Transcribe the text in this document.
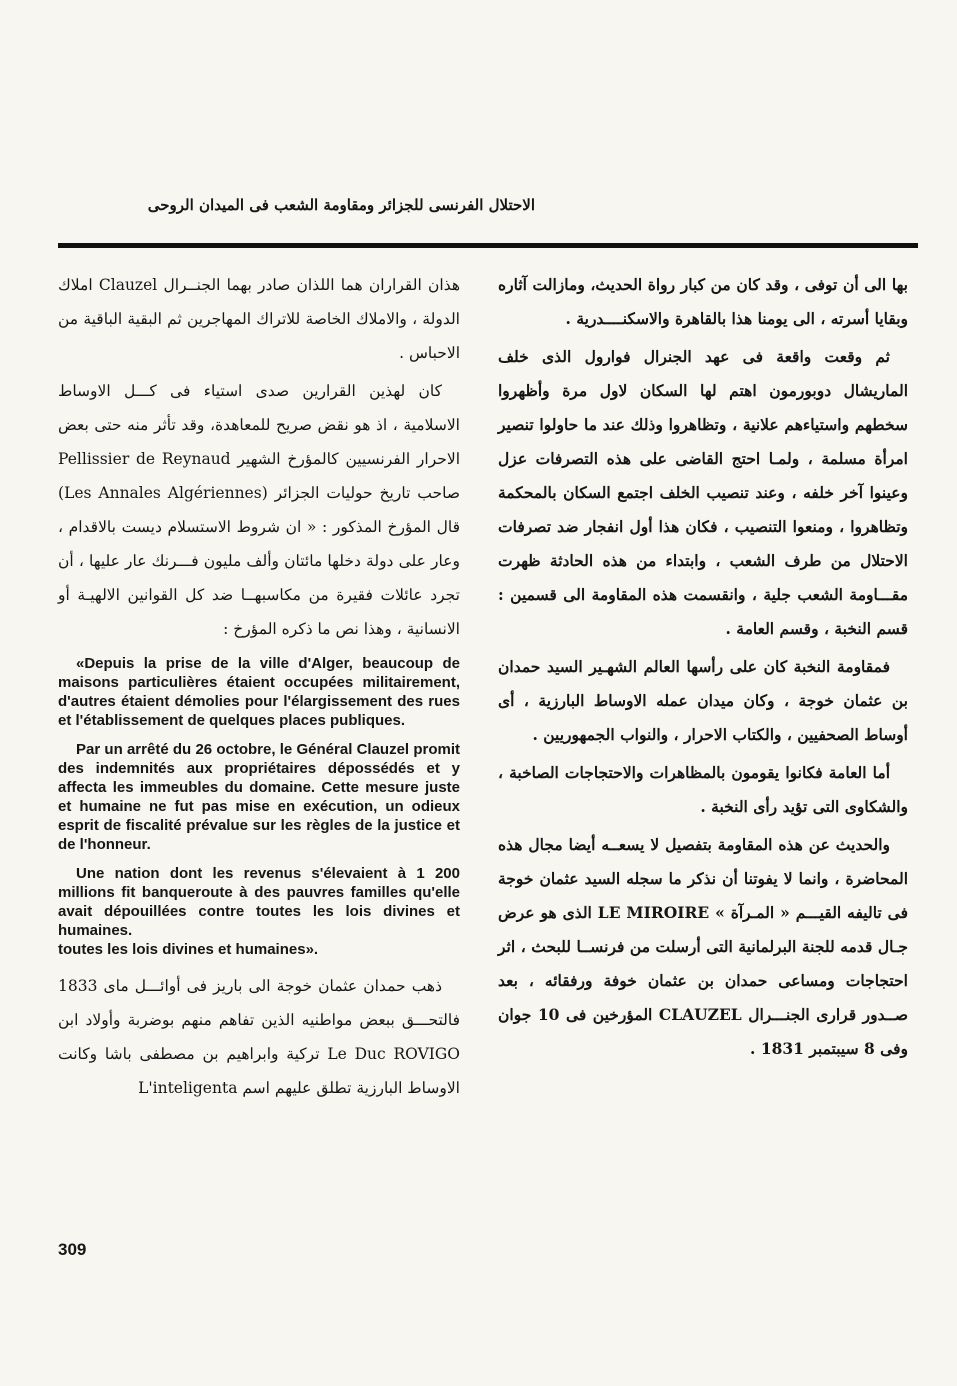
الاحتلال الفرنسى للجزائر ومقاومة الشعب فى الميدان الروحى

بها الى أن توفى ، وقد كان من كبار رواة الحديث، ومازالت آثاره وبقايا أسرته ، الى يومنا هذا بالقاهرة والاسكنــــدرية .

ثم وقعت واقعة فى عهد الجنرال فوارول الذى خلف الماريشال دوبورمون اهتم لها السكان لاول مرة وأظهروا سخطهم واستياءهم علانية ، وتظاهروا وذلك عند ما حاولوا تنصير امرأة مسلمة ، ولمـا احتج القاضى على هذه التصرفات عزل وعينوا آخر خلفه ، وعند تنصيب الخلف اجتمع السكان بالمحكمة وتظاهروا ، ومنعوا التنصيب ، فكان هذا أول انفجار ضد تصرفات الاحتلال من طرف الشعب ، وابتداء من هذه الحادثة ظهرت مقـــاومة الشعب جلية ، وانقسمت هذه المقاومة الى قسمين : قسم النخبة ، وقسم العامة .

فمقاومة النخبة كان على رأسها العالم الشهـير السيد حمدان بن عثمان خوجة ، وكان ميدان عمله الاوساط البارزية ، أى أوساط الصحفيين ، والكتاب الاحرار ، والنواب الجمهوريين .

أما العامة فكانوا يقومون بالمظاهرات والاحتجاجات الصاخبة ، والشكاوى التى تؤيد رأى النخبة .

والحديث عن هذه المقاومة بتفصيل لا يسعــه أيضا مجال هذه المحاضرة ، وانما لا يفوتنا أن نذكر ما سجله السيد عثمان خوجة فى تاليفه القيـــم « المـرآة » LE MIROIRE الذى هو عرض جـال قدمه للجنة البرلمانية التى أرسلت من فرنســا للبحث ، اثر احتجاجات ومساعى حمدان بن عثمان خوفة ورفقائه ، بعد صــدور قرارى الجنـــرال CLAUZEL المؤرخين فى 10 جوان وفى 8 سيبتمبر 1831 .

هذان القراران هما اللذان صادر بهما الجنــرال Clauzel املاك الدولة ، والاملاك الخاصة للاتراك المهاجرين ثم البقية الباقية من الاحباس .

كان لهذين القرارين صدى استياء فى كـــل الاوساط الاسلامية ، اذ هو نقض صريح للمعاهدة، وقد تأثر منه حتى بعض الاحرار الفرنسيين كالمؤرخ الشهير Pellissier de Reynaud صاحب تاريخ حوليات الجزائر (Les Annales Algériennes) قال المؤرخ المذكور : « ان شروط الاستسلام ديست بالاقدام ، وعار على دولة دخلها مائتان وألف مليون فـــرنك عار عليها ، أن تجرد عائلات فقيرة من مكاسبهــا ضد كل القوانين الالهيـة أو الانسانية ، وهذا نص ما ذكره المؤرخ :

«Depuis la prise de la ville d'Alger, beaucoup de maisons particulières étaient occupées militairement, d'autres étaient démolies pour l'élargissement des rues et l'établissement de quelques places publiques.

Par un arrêté du 26 octobre, le Général Clauzel promit des indemnités aux propriétaires dépossédés et y affecta les immeubles du domaine. Cette mesure juste et humaine ne fut pas mise en exécution, un odieux esprit de fiscalité prévalue sur les règles de la justice et de l'honneur.

Une nation dont les revenus s'élevaient à 1 200 millions fit banqueroute à des pauvres familles qu'elle avait dépouillées contre toutes les lois divines et humaines.

toutes les lois divines et humaines».

ذهب حمدان عثمان خوجة الى باريز فى أوائـــل ماى 1833 فالتحـــق ببعض مواطنيه الذين تفاهم منهم بوضربة وأولاد ابن Le Duc ROVIGO تركية وابراهيم بن مصطفى باشا وكانت الاوساط البارزية تطلق عليهم اسم L'inteligenta

309
